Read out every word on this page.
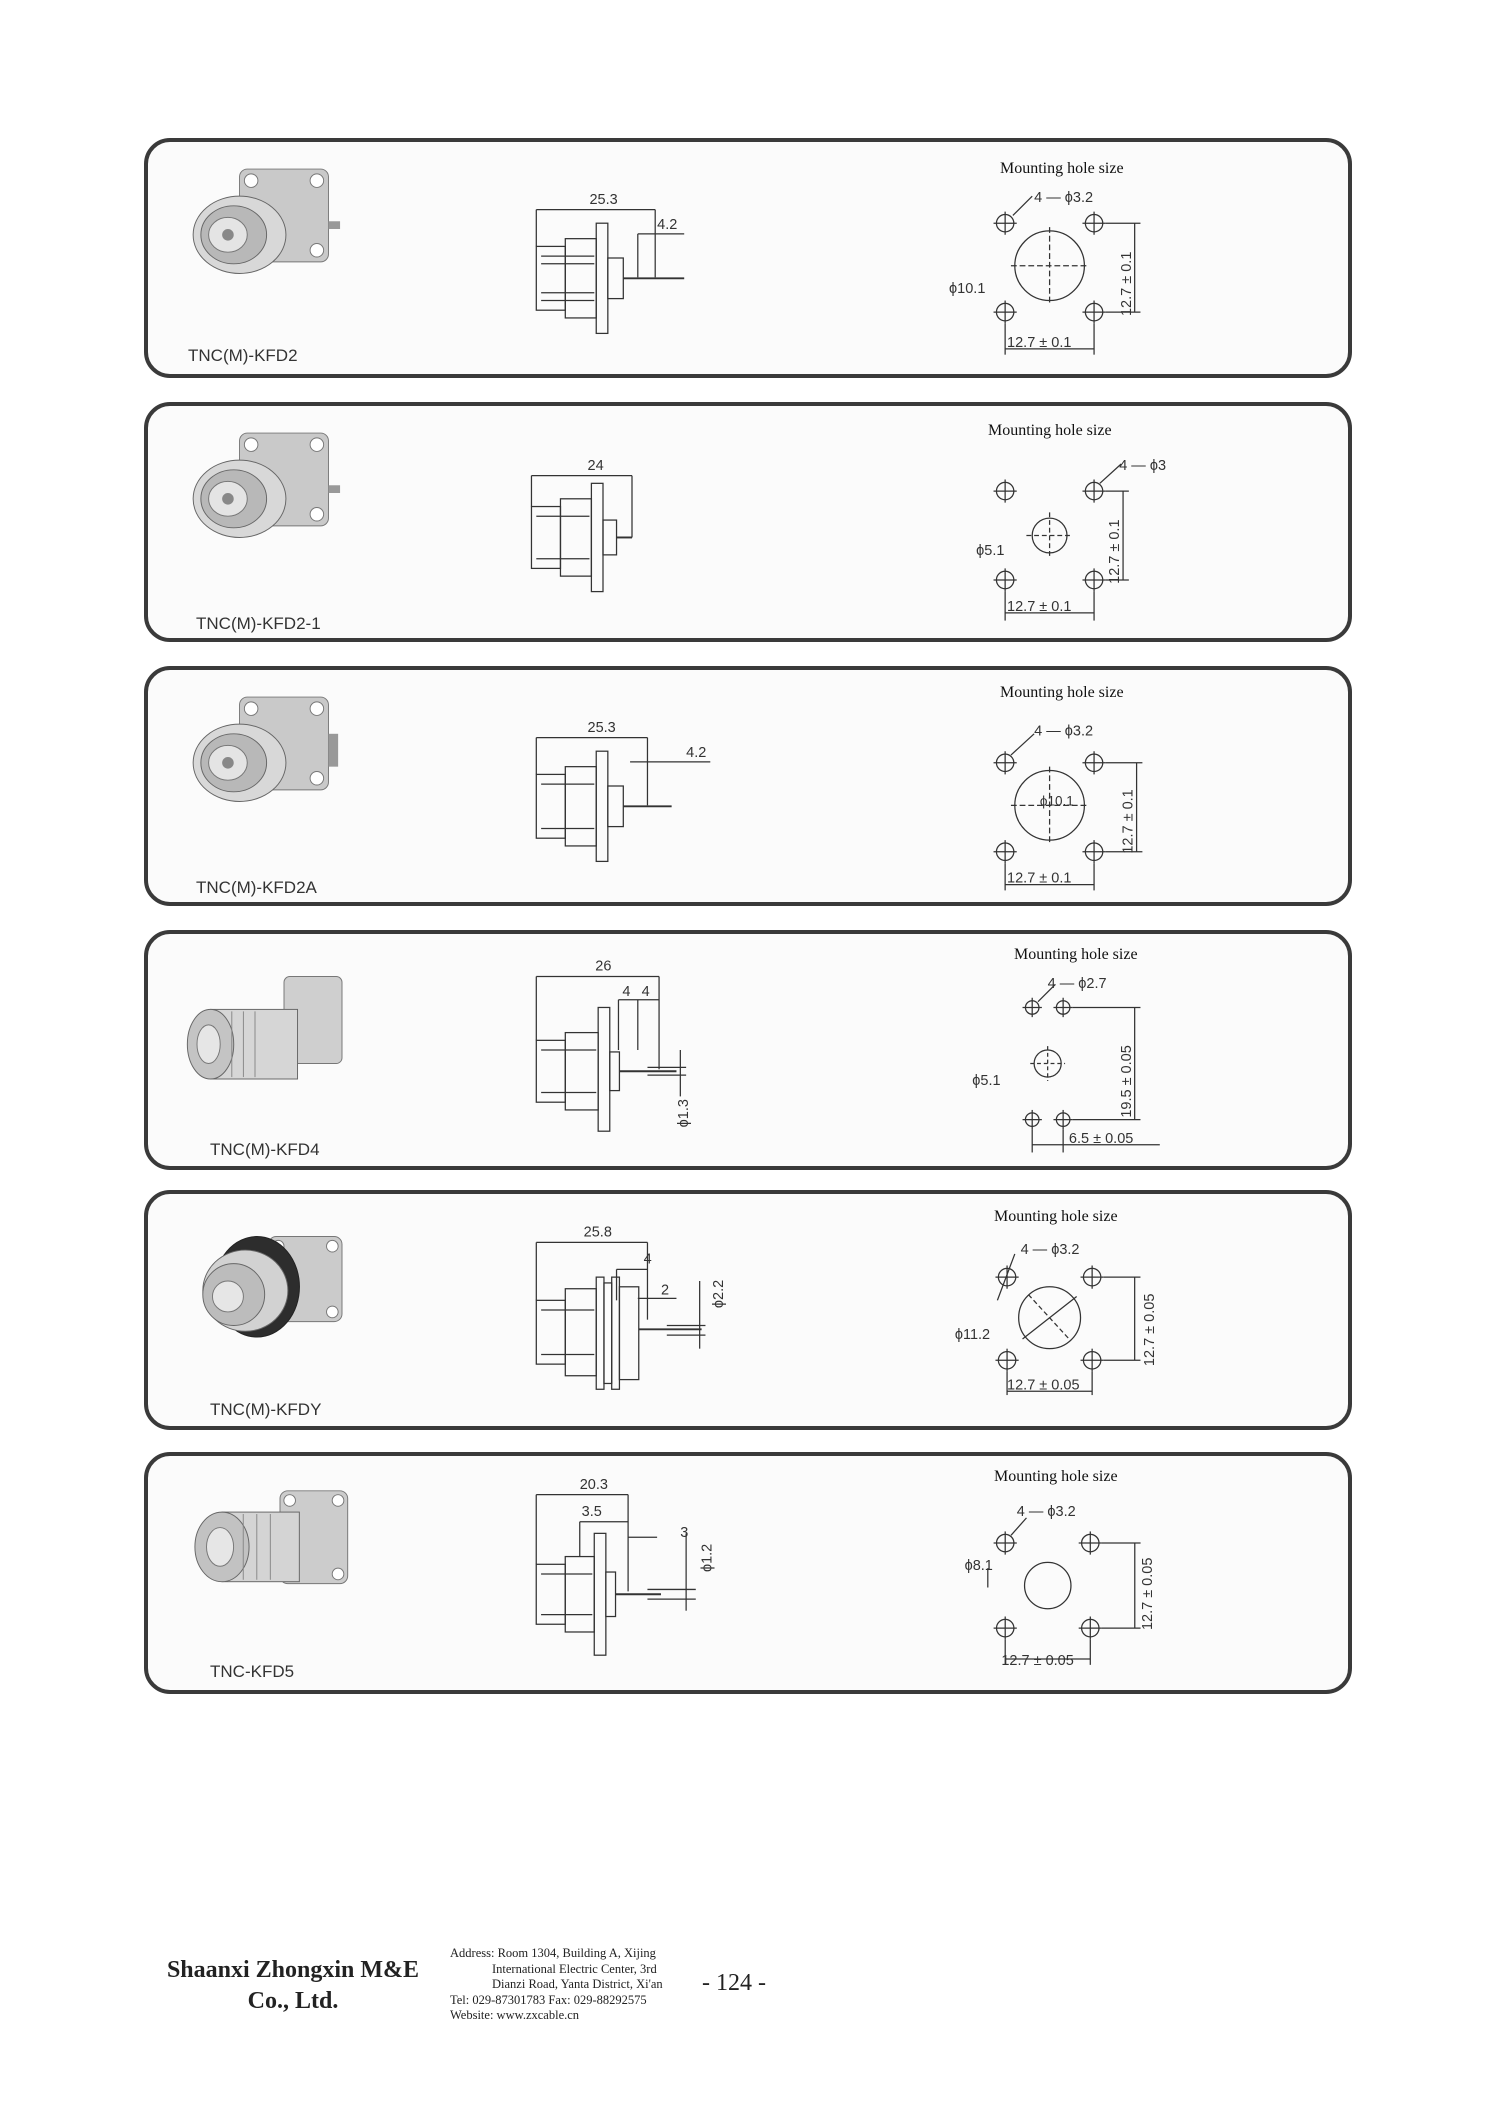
25.3
4.2
4 — ϕ3.2
ϕ10.1
12.7 ± 0.1
12.7 ± 0.1
Mounting hole size
TNC(M)-KFD2
24	4 — ϕ3
ϕ5.1
12.7 ± 0.1
12.7 ± 0.1
Mounting hole size
TNC(M)-KFD2-1
25.3
4.2
4 — ϕ3.2
ϕ10.1
12.7 ± 0.1
12.7 ± 0.1
Mounting hole size
TNC(M)-KFD2A
26
4 4
ϕ1.3
4 — ϕ2.7
ϕ5.1
6.5 ± 0.05
19.5 ± 0.05
Mounting hole size
TNC(M)-KFD4
25.8
4
2	ϕ2.2
4 — ϕ3.2
ϕ11.2
12.7 ± 0.05
12.7 ± 0.05
Mounting hole size
TNC(M)-KFDY
20.3
3.5
3
ϕ1.2
4 — ϕ3.2
ϕ8.1
12.7 ± 0.05
12.7 ± 0.05
Mounting hole size
TNC-KFD5
Shaanxi Zhongxin M&E
Co., Ltd.
Address: Room 1304, Building A, Xijing
International Electric Center, 3rd
Dianzi Road, Yanta District, Xi'an
Tel: 029-87301783 Fax: 029-88292575
Website: www.zxcable.cn
- 124 -
